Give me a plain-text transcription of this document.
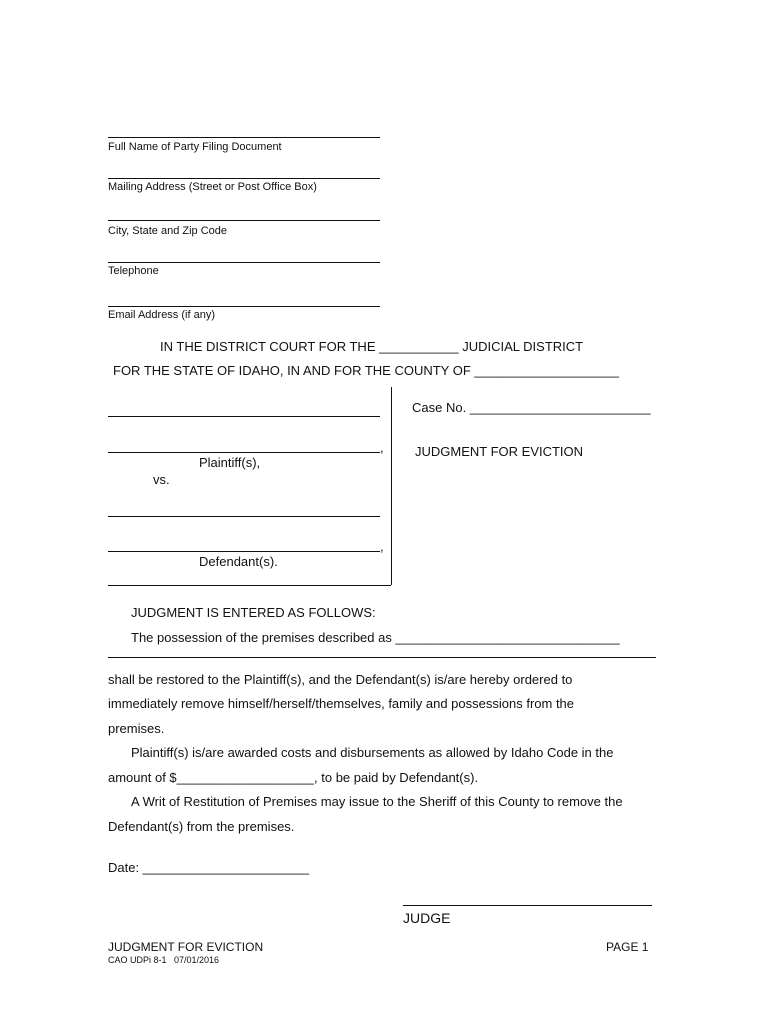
Full Name of Party Filing Document
Mailing Address (Street or Post Office Box)
City, State and Zip Code
Telephone
Email Address (if any)
IN THE DISTRICT COURT FOR THE ___________ JUDICIAL DISTRICT
FOR THE STATE OF IDAHO, IN AND FOR THE COUNTY OF ____________________
,
Plaintiff(s),
vs.
,
Defendant(s).
Case No. _________________________
JUDGMENT FOR EVICTION
JUDGMENT IS ENTERED AS FOLLOWS:
The possession of the premises described as _______________________________
shall be restored to the Plaintiff(s), and the Defendant(s) is/are hereby ordered to
immediately remove himself/herself/themselves, family and possessions from the
premises.
Plaintiff(s) is/are awarded costs and disbursements as allowed by Idaho Code in the
amount of $___________________, to be paid by Defendant(s).
A Writ of Restitution of Premises may issue to the Sheriff of this County to remove the
Defendant(s) from the premises.
Date: _______________________
JUDGE
JUDGMENT FOR EVICTION	PAGE 1
CAO UDPi 8-1   07/01/2016
